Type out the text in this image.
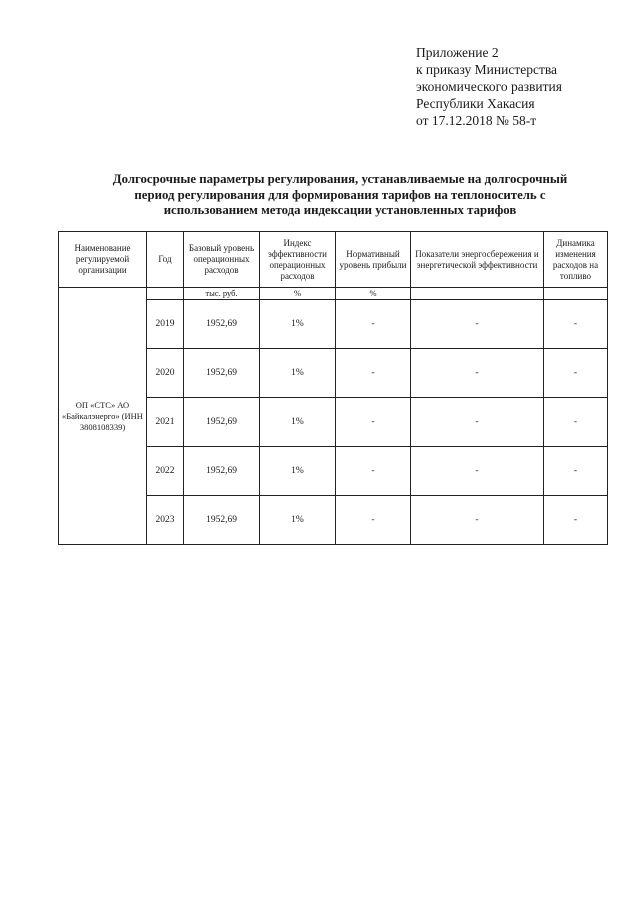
Приложение 2
к приказу Министерства
экономического развития
Республики Хакасия
от 17.12.2018 № 58-т
Долгосрочные параметры регулирования, устанавливаемые на долгосрочный
период регулирования для формирования тарифов на теплоноситель с
использованием метода индексации установленных тарифов
Наименование регулируемой организации	Год	Базовый уровень операционных расходов	Индекс эффективности операционных расходов	Нормативный уровень прибыли	Показатели энергосбережения и энергетической эффективности	Динамика изменения расходов на топливо
ОП «СТС» АО «Байкалэнерго» (ИНН 3808108339)		тыс. руб.	%	%		
	2019	1952,69	1%	-	-	-
	2020	1952,69	1%	-	-	-
	2021	1952,69	1%	-	-	-
	2022	1952,69	1%	-	-	-
	2023	1952,69	1%	-	-	-
